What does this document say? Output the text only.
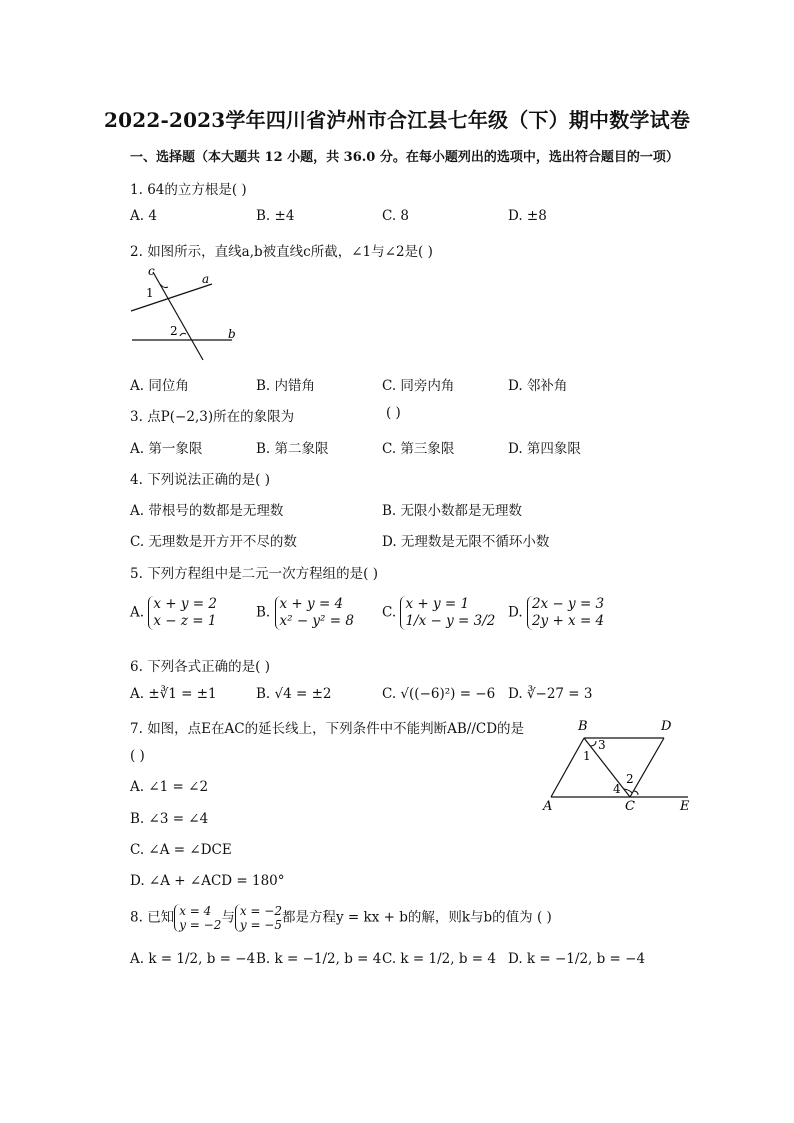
2022-2023学年四川省泸州市合江县七年级（下）期中数学试卷
一、选择题（本大题共 12 小题，共 36.0 分。在每小题列出的选项中，选出符合题目的一项）
1. 64的立方根是( )
A. 4	B. ±4	C. 8	D. ±8
2. 如图所示，直线a,b被直线c所截，∠1与∠2是( )
c
a
b
1
2
A. 同位角	B. 内错角	C. 同旁内角	D. 邻补角
3. 点P(−2,3)所在的象限为	( )
A. 第一象限	B. 第二象限	C. 第三象限	D. 第四象限
4. 下列说法正确的是( )
A. 带根号的数都是无理数	B. 无限小数都是无理数
C. 无理数是开方开不尽的数	D. 无理数是无限不循环小数
5. 下列方程组中是二元一次方程组的是( )
A. x + y = 2
x − z = 1
B. x + y = 4
x² − y² = 8
C. x + y = 1
1/x − y = 3/2
D. 2x − y = 3
2y + x = 4
6. 下列各式正确的是( )
A. ±∛1 = ±1	B. √4 = ±2	C. √((−6)²) = −6 D. ∛−27 = 3
7. 如图，点E在AC的延长线上，下列条件中不能判断AB//CD的是
( )
A. ∠1 = ∠2
B. ∠3 = ∠4
C. ∠A = ∠DCE
D. ∠A + ∠ACD = 180°
B	D
A	C	E
1
3
2
4
8. 已知 x = 4
y = −2与 x = −2
y = −5都是方程y = kx + b的解，则k与b的值为 ( )
A. k = 1/2, b = −4 B. k = −1/2, b = 4 C. k = 1/2, b = 4 D. k = −1/2, b = −4
